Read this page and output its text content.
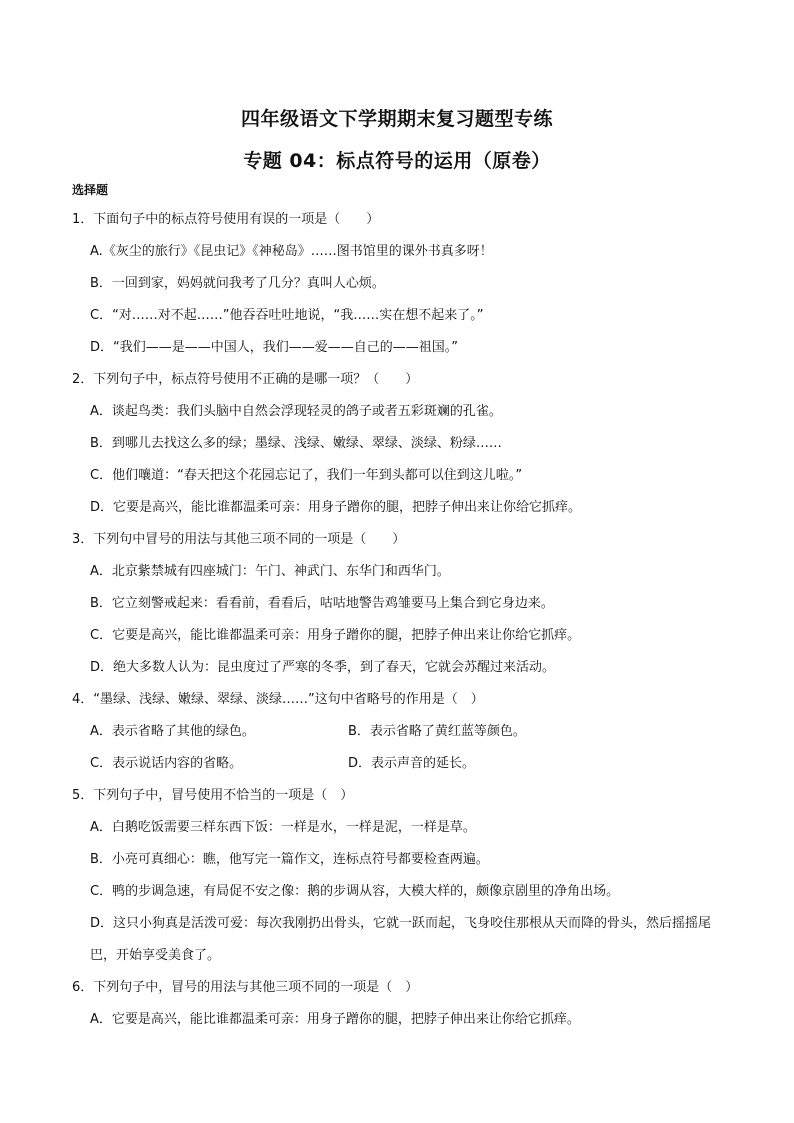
四年级语文下学期期末复习题型专练
专题 04：标点符号的运用（原卷）
选择题
1．下面句子中的标点符号使用有误的一项是（　　）
A.《灰尘的旅行》《昆虫记》《神秘岛》……图书馆里的课外书真多呀！
B．一回到家，妈妈就问我考了几分？真叫人心烦。
C．“对……对不起……”他吞吞吐吐地说，“我……实在想不起来了。”
D．“我们——是——中国人，我们——爱——自己的——祖国。”
2．下列句子中，标点符号使用不正确的是哪一项？（　　）
A．谈起鸟类：我们头脑中自然会浮现轻灵的鸽子或者五彩斑斓的孔雀。
B．到哪儿去找这么多的绿；墨绿、浅绿、嫩绿、翠绿、淡绿、粉绿……
C．他们嚷道：“春天把这个花园忘记了，我们一年到头都可以住到这儿啦。”
D．它要是高兴，能比谁都温柔可亲：用身子蹭你的腿，把脖子伸出来让你给它抓痒。
3．下列句中冒号的用法与其他三项不同的一项是（　　）
A．北京紫禁城有四座城门：午门、神武门、东华门和西华门。
B．它立刻警戒起来：看看前，看看后，咕咕地警告鸡雏要马上集合到它身边来。
C．它要是高兴，能比谁都温柔可亲：用身子蹭你的腿，把脖子伸出来让你给它抓痒。
D．绝大多数人认为：昆虫度过了严寒的冬季，到了春天，它就会苏醒过来活动。
4．“墨绿、浅绿、嫩绿、翠绿、淡绿……”这句中省略号的作用是（　）
A．表示省略了其他的绿色。	B．表示省略了黄红蓝等颜色。
C．表示说话内容的省略。	D．表示声音的延长。
5．下列句子中，冒号使用不恰当的一项是（　）
A．白鹅吃饭需要三样东西下饭：一样是水，一样是泥，一样是草。
B．小亮可真细心：瞧，他写完一篇作文，连标点符号都要检查两遍。
C．鸭的步调急速，有局促不安之像：鹅的步调从容，大模大样的，颇像京剧里的净角出场。
D．这只小狗真是活泼可爱：每次我刚扔出骨头，它就一跃而起，飞身咬住那根从天而降的骨头，然后摇摇尾巴，开始享受美食了。
6．下列句子中，冒号的用法与其他三项不同的一项是（　）
A．它要是高兴，能比谁都温柔可亲：用身子蹭你的腿，把脖子伸出来让你给它抓痒。
